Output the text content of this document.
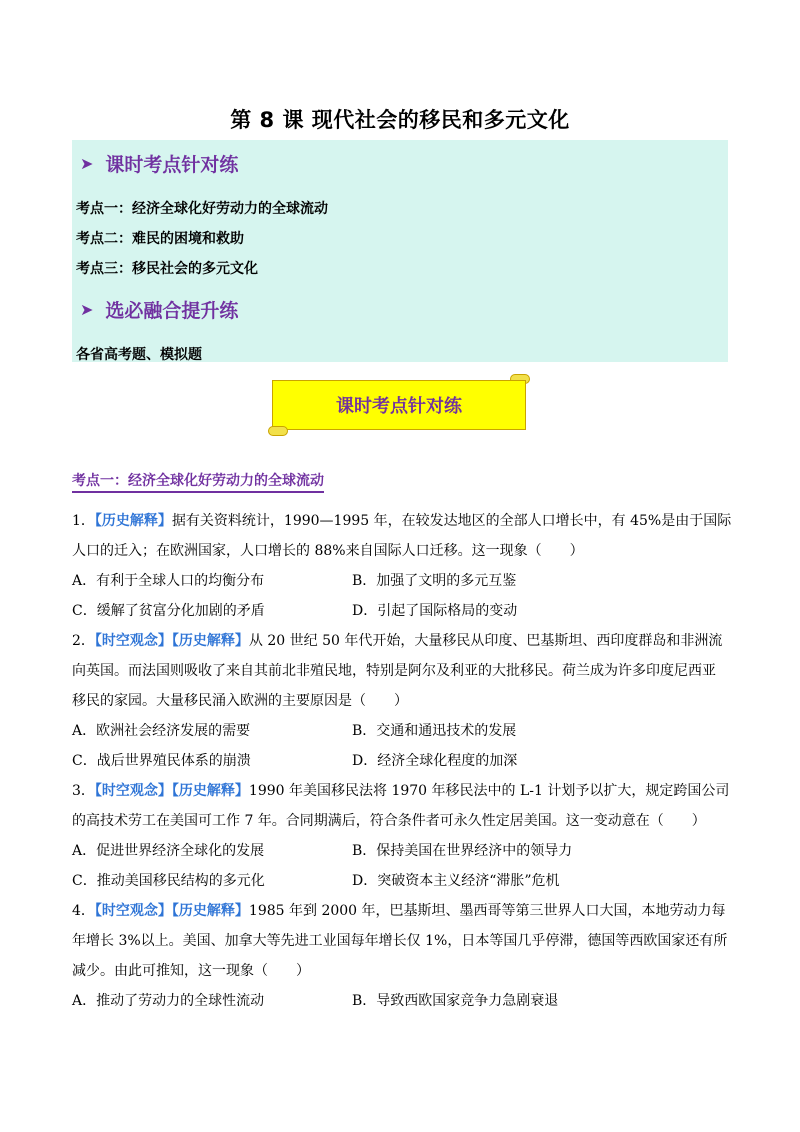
第 8 课 现代社会的移民和多元文化
➤ 课时考点针对练
考点一：经济全球化好劳动力的全球流动
考点二：难民的困境和救助
考点三：移民社会的多元文化
➤ 选必融合提升练
各省高考题、模拟题
课时考点针对练
考点一：经济全球化好劳动力的全球流动
1．【历史解释】据有关资料统计，1990—1995 年，在较发达地区的全部人口增长中，有 45%是由于国际
人口的迁入；在欧洲国家，人口增长的 88%来自国际人口迁移。这一现象（　　）
A．有利于全球人口的均衡分布	B．加强了文明的多元互鉴
C．缓解了贫富分化加剧的矛盾	D．引起了国际格局的变动
2．【时空观念】【历史解释】从 20 世纪 50 年代开始，大量移民从印度、巴基斯坦、西印度群岛和非洲流
向英国。而法国则吸收了来自其前北非殖民地，特别是阿尔及利亚的大批移民。荷兰成为许多印度尼西亚
移民的家园。大量移民涌入欧洲的主要原因是（　　）
A．欧洲社会经济发展的需要	B．交通和通迅技术的发展
C．战后世界殖民体系的崩溃	D．经济全球化程度的加深
3．【时空观念】【历史解释】1990 年美国移民法将 1970 年移民法中的 L-1 计划予以扩大，规定跨国公司
的高技术劳工在美国可工作 7 年。合同期满后，符合条件者可永久性定居美国。这一变动意在（　　）
A．促进世界经济全球化的发展	B．保持美国在世界经济中的领导力
C．推动美国移民结构的多元化	D．突破资本主义经济“滞胀”危机
4．【时空观念】【历史解释】1985 年到 2000 年，巴基斯坦、墨西哥等第三世界人口大国，本地劳动力每
年增长 3%以上。美国、加拿大等先进工业国每年增长仅 1%，日本等国几乎停滞，德国等西欧国家还有所
减少。由此可推知，这一现象（　　）
A．推动了劳动力的全球性流动	B．导致西欧国家竞争力急剧衰退
